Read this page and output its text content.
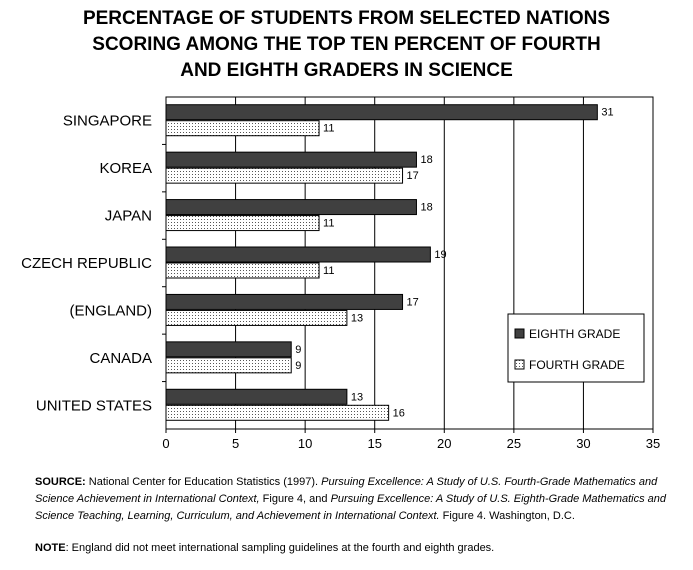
PERCENTAGE OF STUDENTS FROM SELECTED NATIONS
SCORING AMONG THE TOP TEN PERCENT OF FOURTH
AND EIGHTH GRADERS IN SCIENCE
0	5	10	15	20	25	30	35
SINGAPORE	31
11
KOREA	18
17
JAPAN	18
11
CZECH REPUBLIC	19
11
(ENGLAND)	17
13
CANADA	9
9
UNITED STATES	13
16
EIGHTH GRADE
FOURTH GRADE

SOURCE: National Center for Education Statistics (1997). Pursuing Excellence: A Study of U.S. Fourth-Grade Mathematics and Science Achievement in International Context, Figure 4, and Pursuing Excellence: A Study of U.S. Eighth-Grade Mathematics and Science Teaching, Learning, Curriculum, and Achievement in International Context. Figure 4. Washington, D.C.

NOTE: England did not meet international sampling guidelines at the fourth and eighth grades.
